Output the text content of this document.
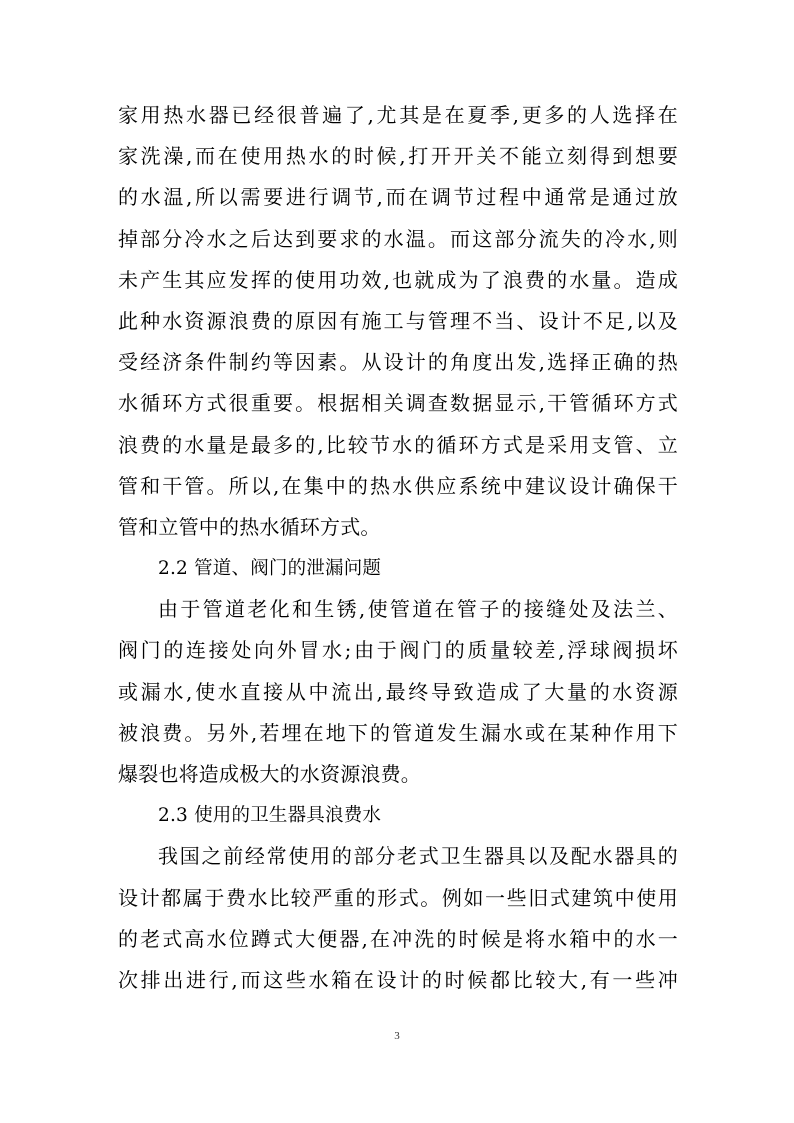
家用热水器已经很普遍了,尤其是在夏季,更多的人选择在
家洗澡,而在使用热水的时候,打开开关不能立刻得到想要
的水温,所以需要进行调节,而在调节过程中通常是通过放
掉部分冷水之后达到要求的水温。而这部分流失的冷水,则
未产生其应发挥的使用功效,也就成为了浪费的水量。造成
此种水资源浪费的原因有施工与管理不当、设计不足,以及
受经济条件制约等因素。从设计的角度出发,选择正确的热
水循环方式很重要。根据相关调查数据显示,干管循环方式
浪费的水量是最多的,比较节水的循环方式是采用支管、立
管和干管。所以,在集中的热水供应系统中建议设计确保干
管和立管中的热水循环方式。
2.2 管道、阀门的泄漏问题
由于管道老化和生锈,使管道在管子的接缝处及法兰、
阀门的连接处向外冒水;由于阀门的质量较差,浮球阀损坏
或漏水,使水直接从中流出,最终导致造成了大量的水资源
被浪费。另外,若埋在地下的管道发生漏水或在某种作用下
爆裂也将造成极大的水资源浪费。
2.3 使用的卫生器具浪费水
我国之前经常使用的部分老式卫生器具以及配水器具的
设计都属于费水比较严重的形式。例如一些旧式建筑中使用
的老式高水位蹲式大便器,在冲洗的时候是将水箱中的水一
次排出进行,而这些水箱在设计的时候都比较大,有一些冲
3
